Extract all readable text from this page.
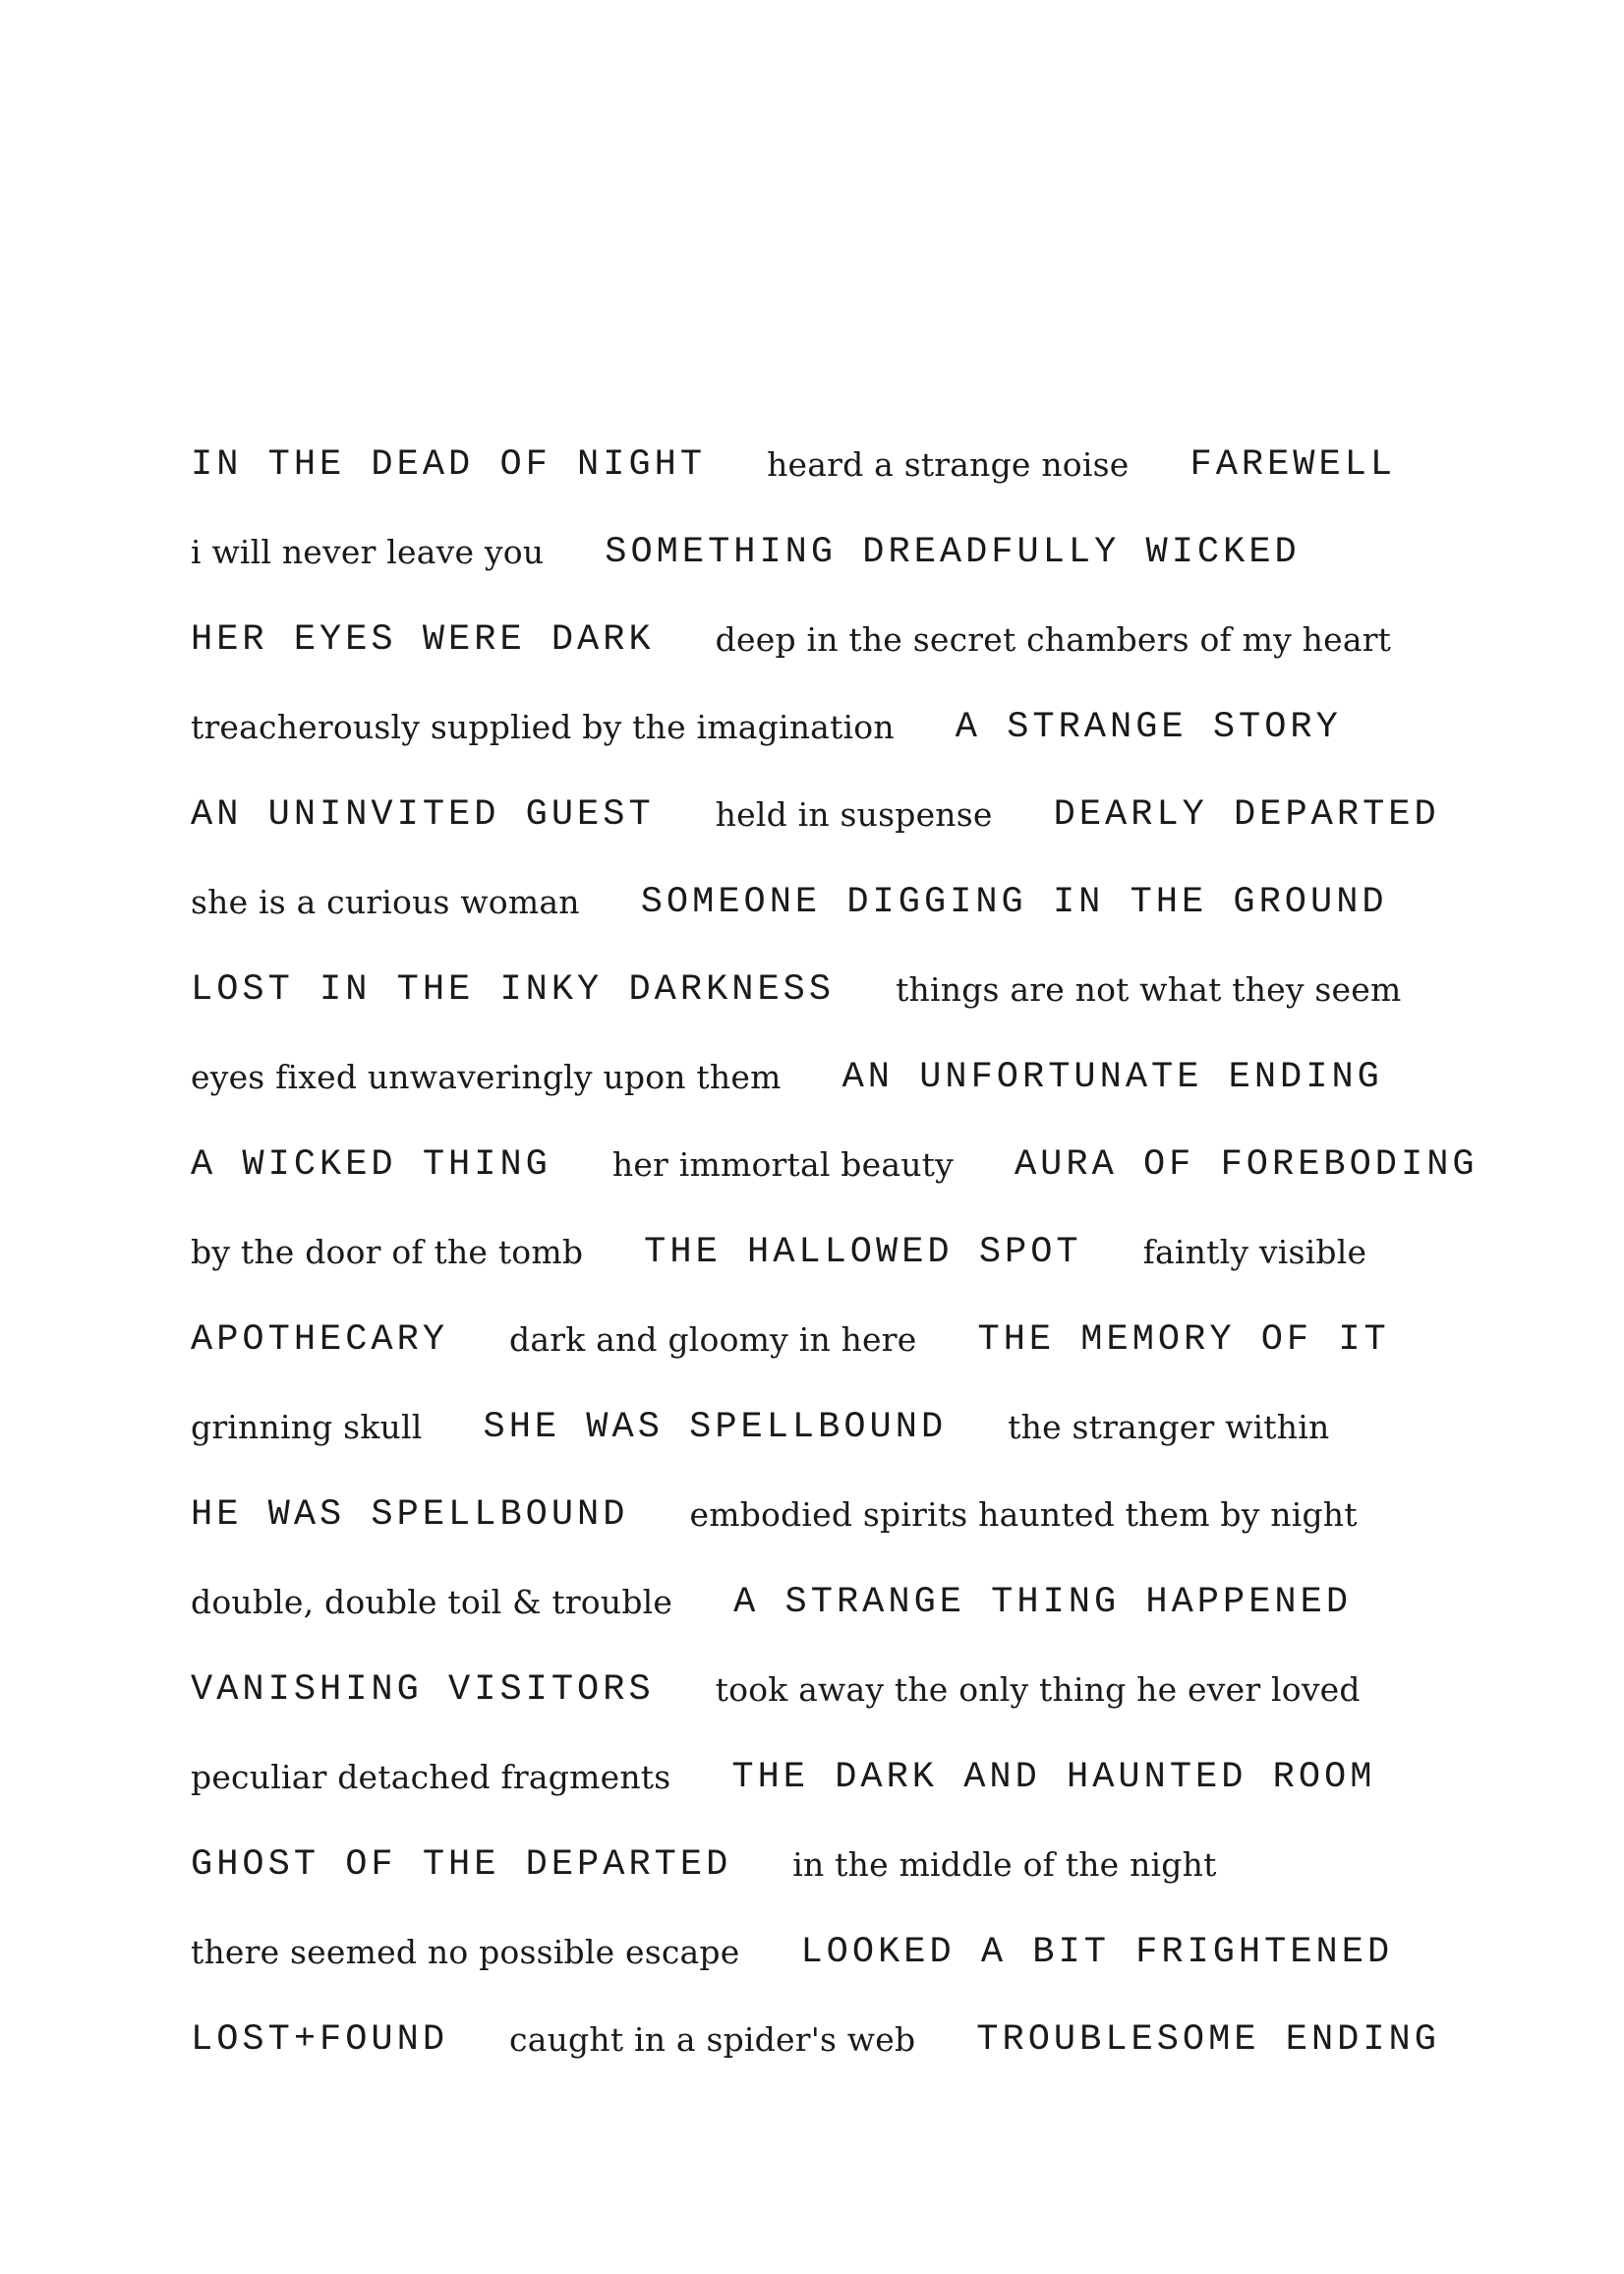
IN THE DEAD OF NIGHT heard a strange noise FAREWELL
i will never leave you SOMETHING DREADFULLY WICKED
HER EYES WERE DARK deep in the secret chambers of my heart
treacherously supplied by the imagination A STRANGE STORY
AN UNINVITED GUEST held in suspense DEARLY DEPARTED
she is a curious woman SOMEONE DIGGING IN THE GROUND
LOST IN THE INKY DARKNESS things are not what they seem
eyes fixed unwaveringly upon them AN UNFORTUNATE ENDING
A WICKED THING her immortal beauty AURA OF FOREBODING
by the door of the tomb THE HALLOWED SPOT faintly visible
APOTHECARY dark and gloomy in here THE MEMORY OF IT
grinning skull SHE WAS SPELLBOUND the stranger within
HE WAS SPELLBOUND embodied spirits haunted them by night
double, double toil & trouble A STRANGE THING HAPPENED
VANISHING VISITORS took away the only thing he ever loved
peculiar detached fragments THE DARK AND HAUNTED ROOM
GHOST OF THE DEPARTED in the middle of the night
there seemed no possible escape LOOKED A BIT FRIGHTENED
LOST+FOUND caught in a spider's web TROUBLESOME ENDING
